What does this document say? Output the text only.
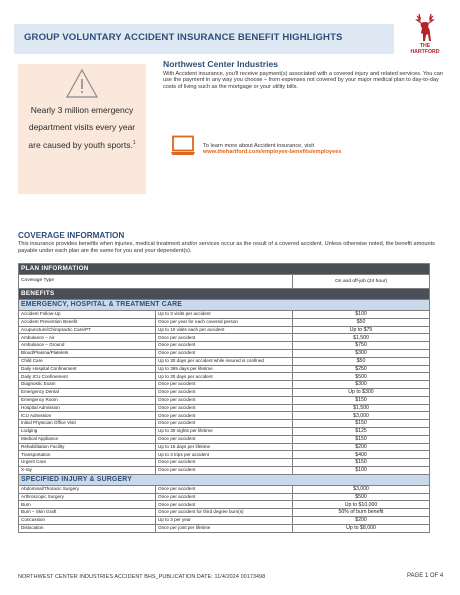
GROUP VOLUNTARY ACCIDENT INSURANCE BENEFIT HIGHLIGHTS
THE
HARTFORD
Nearly 3 million emergency department visits every year are caused by youth sports.$^1$
Northwest Center Industries
With Accident insurance, you'll receive payment(s) associated with a covered injury and related services. You can use the payment in any way you choose – from expenses not covered by your major medical plan to day-to-day costs of living such as the mortgage or your utility bills.
To learn more about Accident insurance, visit
www.thehartford.com/employee-benefits/employees
COVERAGE INFORMATION
This insurance provides benefits when injuries, medical treatment and/or services occur as the result of a covered accident. Unless otherwise noted, the benefit amounts payable under each plan are the same for you and your dependent(s).
PLAN INFORMATION		
Coverage Type		On and off-job (24 hour)
BENEFITS		
EMERGENCY, HOSPITAL & TREATMENT CARE		
Accident Follow-Up	Up to 3 visits per accident	$100
Accident Prevention Benefit	Once per year for each covered person	$50
Acupuncture/Chiropractic Care/PT	Up to 10 visits each per accident	Up to $75
Ambulance – Air	Once per accident	$1,500
Ambulance – Ground	Once per accident	$750
Blood/Plasma/Platelets	Once per accident	$300
Child Care	Up to 30 days per accident while insured is confined	$50
Daily Hospital Confinement	Up to 365 days per lifetime	$250
Daily ICU Confinement	Up to 30 days per accident	$500
Diagnostic Exam	Once per accident	$300
Emergency Dental	Once per accident	Up to $300
Emergency Room	Once per accident	$150
Hospital Admission	Once per accident	$1,500
ICU Admission	Once per accident	$3,000
Initial Physician Office Visit	Once per accident	$150
Lodging	Up to 30 nights per lifetime	$125
Medical Appliance	Once per accident	$150
Rehabilitation Facility	Up to 15 days per lifetime	$200
Transportation	Up to 3 trips per accident	$400
Urgent Care	Once per accident	$150
X-ray	Once per accident	$100
SPECIFIED INJURY & SURGERY		
Abdominal/Thoracic Surgery	Once per accident	$3,000
Arthroscopic Surgery	Once per accident	$500
Burn	Once per accident	Up to $10,000
Burn – Skin Graft	Once per accident for third degree burn(s)	50% of burn benefit
Concussion	Up to 3 per year	$200
Dislocation	Once per joint per lifetime	Up to $8,000
NORTHWEST CENTER INDUSTRIES ACCIDENT BHS_PUBLICATION DATE: 11/4/2024 00173498	PAGE 1 OF 4
